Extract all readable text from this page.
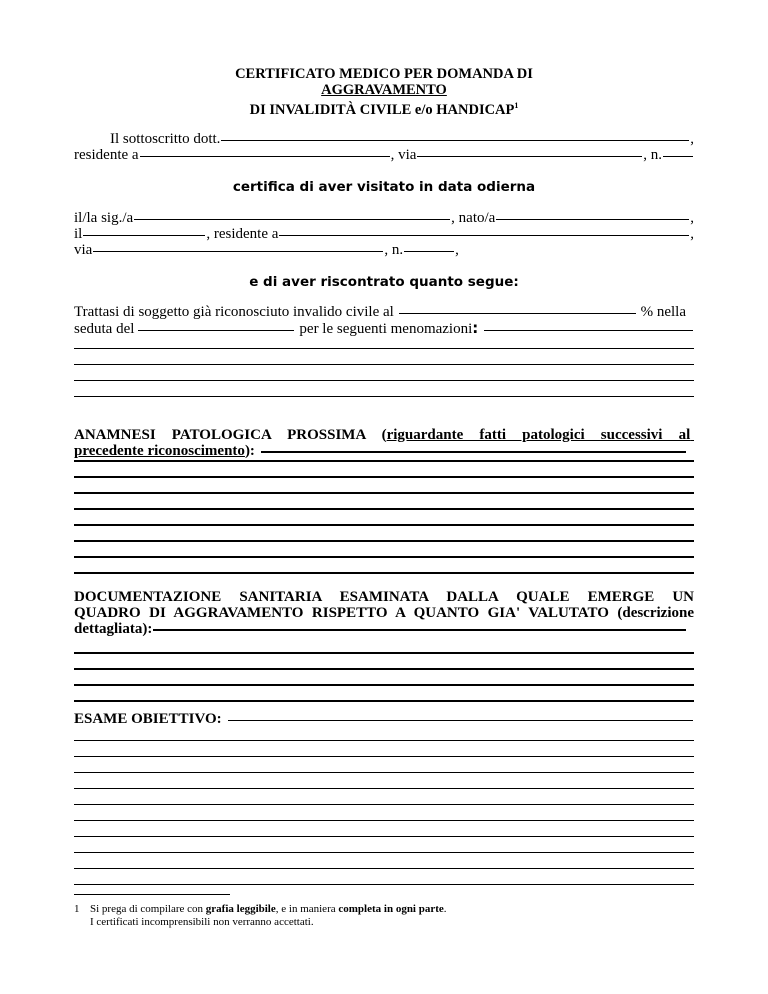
CERTIFICATO MEDICO PER DOMANDA DI
AGGRAVAMENTO
DI INVALIDITÀ CIVILE e/o HANDICAP$^1$
Il sottoscritto dott.	,
residente a	, via	, n.
certifica di aver visitato in data odierna
il/la sig./a	, nato/a	,
il	, residente a	,
via	, n.	,
e di aver riscontrato quanto segue:
Trattasi di soggetto già riconosciuto invalido civile al	% nella
seduta del	per le seguenti menomazioni :
ANAMNESI PATOLOGICA PROSSIMA (riguardante fatti patologici successivi al
precedente riconoscimento ):
DOCUMENTAZIONE SANITARIA ESAMINATA DALLA QUALE EMERGE UN
QUADRO DI AGGRAVAMENTO RISPETTO A QUANTO GIA' VALUTATO (descrizione
dettagliata):
ESAME OBIETTIVO:
1 Si prega di compilare con grafia leggibile, e in maniera completa in ogni parte.
I certificati incomprensibili non verranno accettati.
